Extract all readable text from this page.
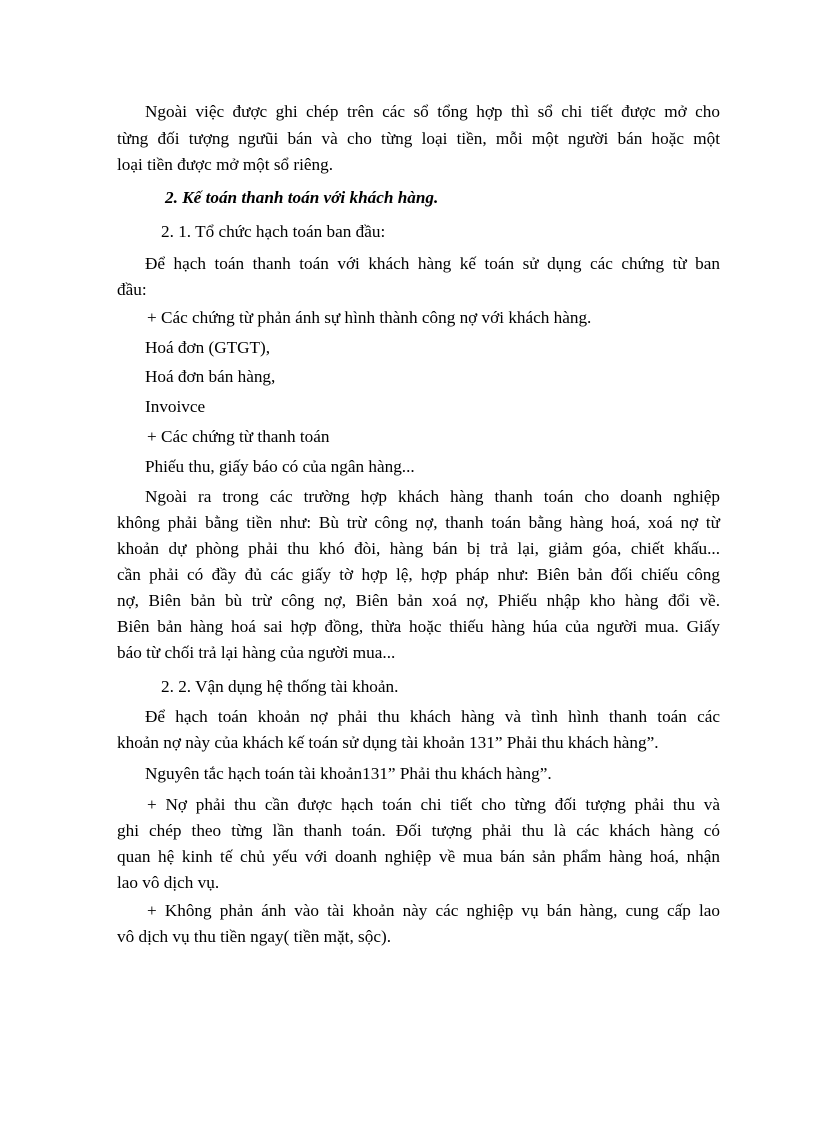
Ngoài việc được ghi chép trên các sổ tổng hợp thì sổ chi tiết được mở cho
từng đối tượng ngưũi bán và cho từng loại tiền, mỗi một người bán hoặc một
loại tiền được mở một sổ riêng.
2. Kế toán thanh toán với khách hàng.
2. 1. Tổ chức hạch toán ban đầu:
Để hạch toán thanh toán với khách hàng kế toán sử dụng các chứng từ ban
đầu:
+ Các chứng từ phản ánh sự hình thành công nợ với khách hàng.
Hoá đơn (GTGT),
Hoá đơn bán hàng,
Invoivce
+ Các chứng từ thanh toán
Phiếu thu, giấy báo có của ngân hàng...
Ngoài ra trong các trường hợp khách hàng thanh toán cho doanh nghiệp
không phải bằng tiền như: Bù trừ công nợ, thanh toán bằng hàng hoá, xoá nợ từ
khoản dự phòng phải thu khó đòi, hàng bán bị trả lại, giảm góa, chiết khấu...
cần phải có đầy đủ các giấy tờ hợp lệ, hợp pháp như: Biên bản đối chiếu công
nợ, Biên bản bù trừ công nợ, Biên bản xoá nợ, Phiếu nhập kho hàng đổi về.
Biên bản hàng hoá sai hợp đồng, thừa hoặc thiếu hàng húa của người mua. Giấy
báo từ chối trả lại hàng của người mua...
2. 2. Vận dụng hệ thống tài khoản.
Để hạch toán khoản nợ phải thu khách hàng và tình hình thanh toán các
khoản nợ này của khách kế toán sử dụng tài khoản 131” Phải thu khách hàng”.
Nguyên tắc hạch toán tài khoản131” Phải thu khách hàng”.
+ Nợ phải thu cần được hạch toán chi tiết cho từng đối tượng phải thu và
ghi chép theo từng lần thanh toán. Đối tượng phải thu là các khách hàng có
quan hệ kinh tế chủ yếu với doanh nghiệp về mua bán sản phẩm hàng hoá, nhận
lao vô dịch vụ.
+ Không phản ánh vào tài khoản này các nghiệp vụ bán hàng, cung cấp lao
vô dịch vụ thu tiền ngay( tiền mặt, sộc).
